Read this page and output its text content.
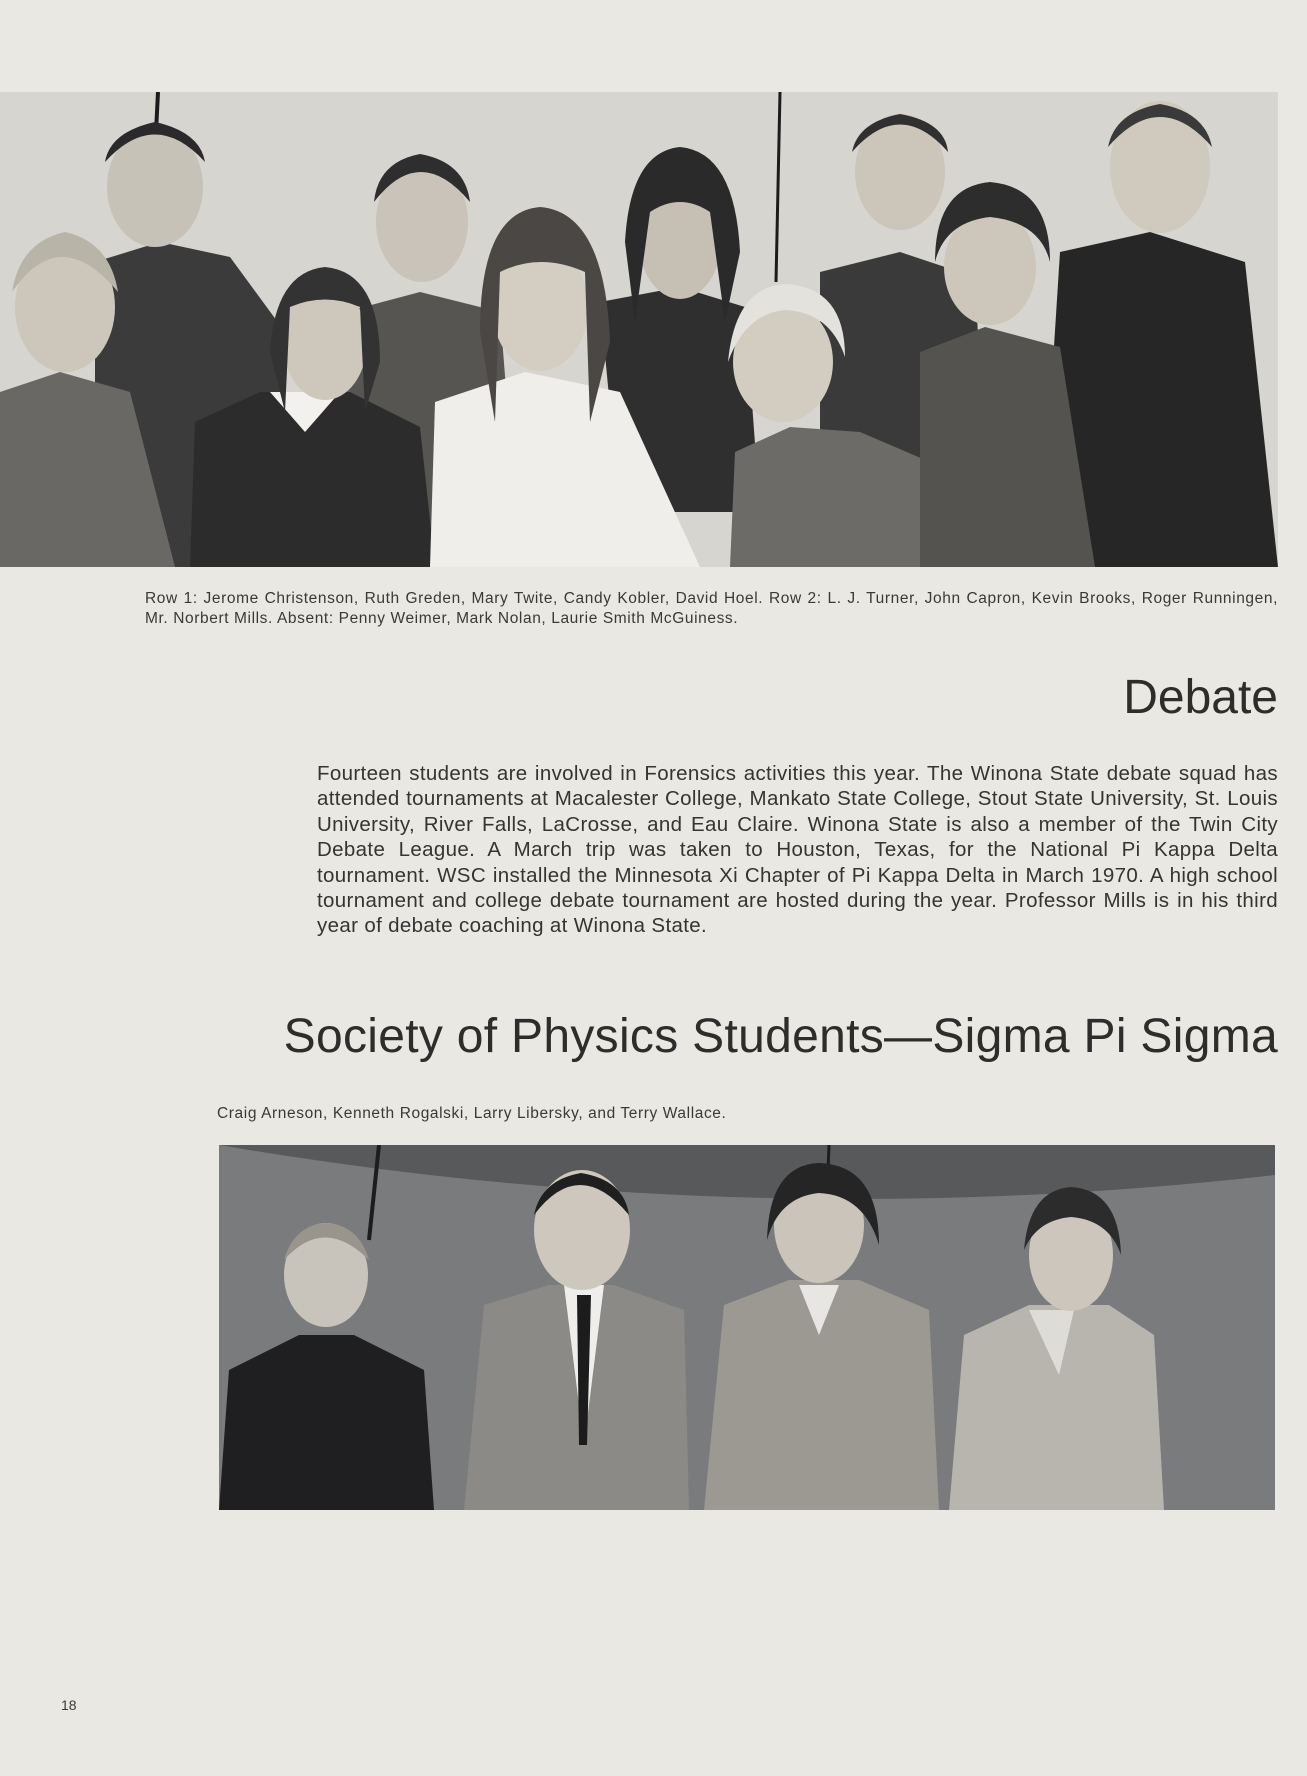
Row 1: Jerome Christenson, Ruth Greden, Mary Twite, Candy Kobler, David Hoel. Row 2: L. J. Turner, John Capron, Kevin Brooks, Roger Runningen, Mr. Norbert Mills. Absent: Penny Weimer, Mark Nolan, Laurie Smith McGuiness.

Debate

Fourteen students are involved in Forensics activities this year. The Winona State debate squad has attended tournaments at Macalester College, Mankato State College, Stout State University, St. Louis University, River Falls, LaCrosse, and Eau Claire. Winona State is also a member of the Twin City Debate League. A March trip was taken to Houston, Texas, for the National Pi Kappa Delta tournament. WSC installed the Minnesota Xi Chapter of Pi Kappa Delta in March 1970. A high school tournament and college debate tournament are hosted during the year. Professor Mills is in his third year of debate coaching at Winona State.

Society of Physics Students—Sigma Pi Sigma

Craig Arneson, Kenneth Rogalski, Larry Libersky, and Terry Wallace.

18
